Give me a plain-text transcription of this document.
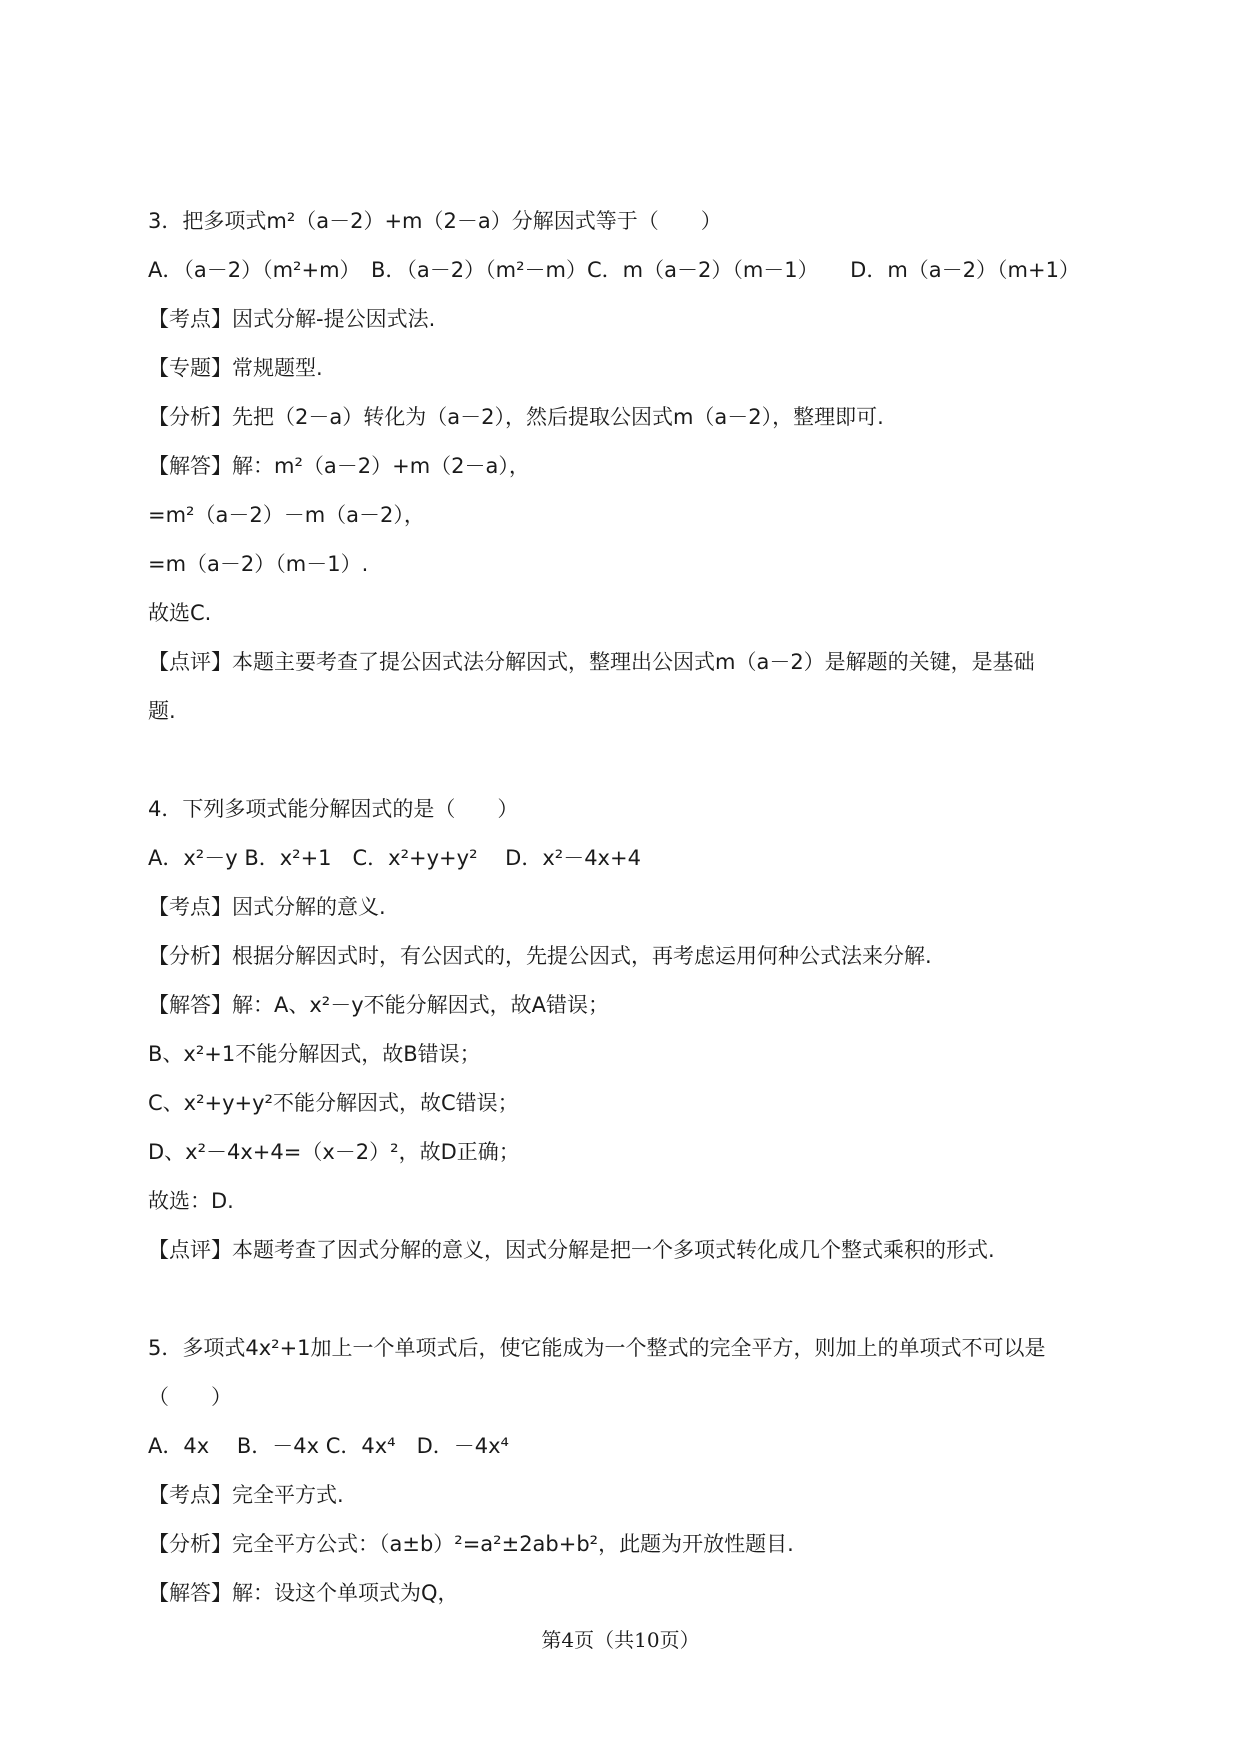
3．把多项式m²（a－2）+m（2－a）分解因式等于（　　）
A．（a－2）（m²+m）　B．（a－2）（m²－m）C．m（a－2）（m－1）　　D．m（a－2）（m+1）
【考点】因式分解-提公因式法.
【专题】常规题型.
【分析】先把（2－a）转化为（a－2），然后提取公因式m（a－2），整理即可.
【解答】解：m²（a－2）+m（2－a），
=m²（a－2）－m（a－2），
=m（a－2）（m－1）.
故选C.
【点评】本题主要考查了提公因式法分解因式，整理出公因式m（a－2）是解题的关键，是基础
题.
4．下列多项式能分解因式的是（　　）
A．x²－y B．x²+1　C．x²+y+y²　 D．x²－4x+4
【考点】因式分解的意义.
【分析】根据分解因式时，有公因式的，先提公因式，再考虑运用何种公式法来分解.
【解答】解：A、x²－y不能分解因式，故A错误；
B、x²+1不能分解因式，故B错误；
C、x²+y+y²不能分解因式，故C错误；
D、x²－4x+4=（x－2）²，故D正确；
故选：D.
【点评】本题考查了因式分解的意义，因式分解是把一个多项式转化成几个整式乘积的形式.
5．多项式4x²+1加上一个单项式后，使它能成为一个整式的完全平方，则加上的单项式不可以是
（　　）
A．4x　 B．－4x C．4x⁴　D．－4x⁴
【考点】完全平方式.
【分析】完全平方公式：（a±b）²=a²±2ab+b²，此题为开放性题目.
【解答】解：设这个单项式为Q，
第4页（共10页）
